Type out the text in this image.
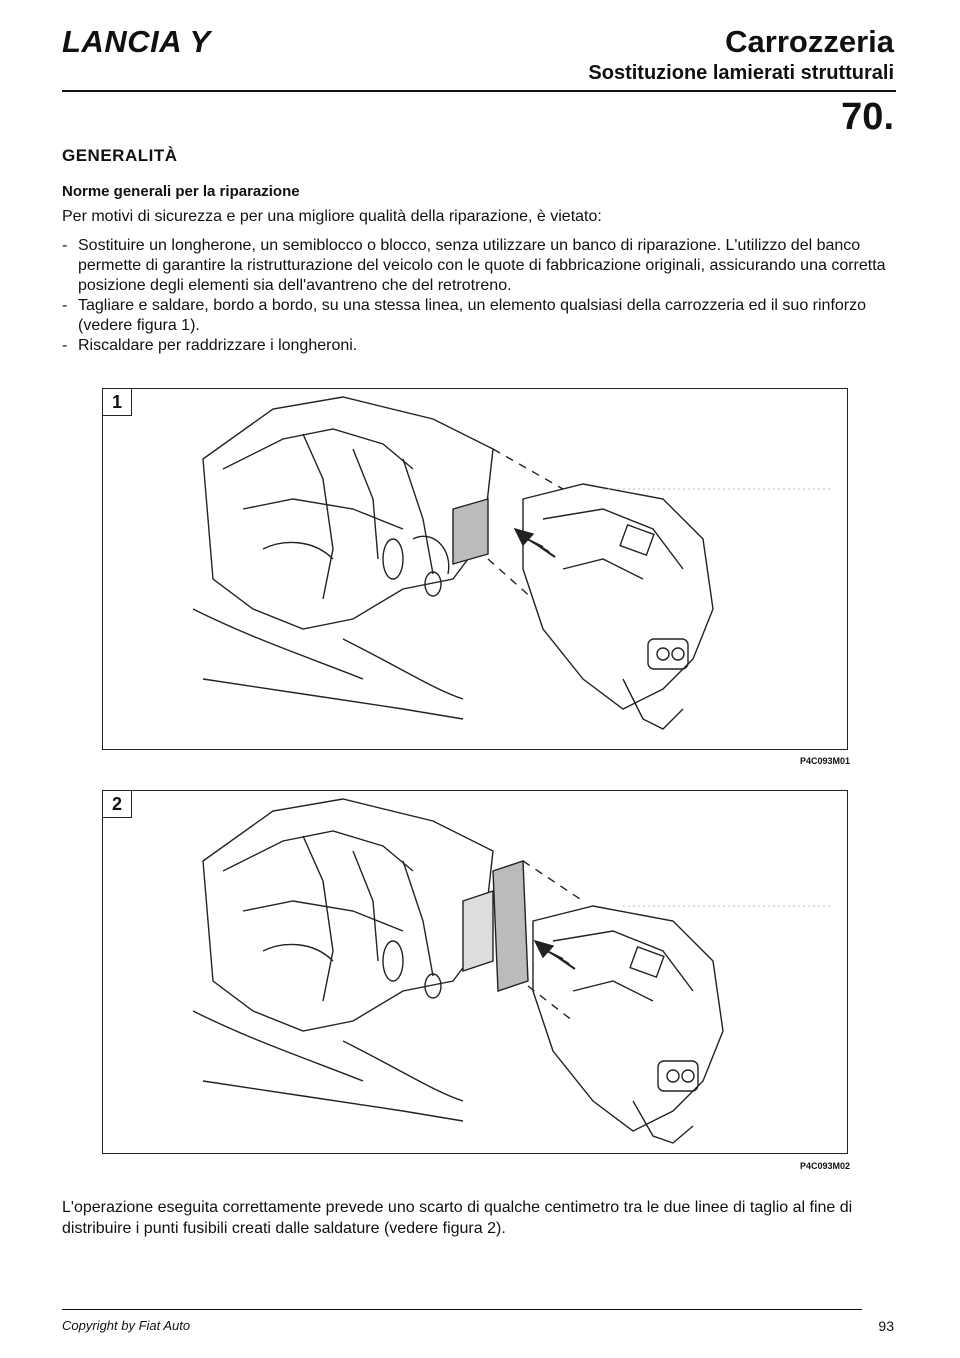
LANCIA Y	Carrozzeria
Sostituzione lamierati strutturali
70.
GENERALITÀ
Norme generali per la riparazione
Per motivi di sicurezza e per una migliore qualità della riparazione, è vietato:
- Sostituire un longherone, un semiblocco o blocco, senza utilizzare un banco di riparazione. L'utilizzo del banco permette di garantire la ristrutturazione del veicolo con le quote di fabbricazione originali, assicurando una corretta posizione degli elementi sia dell'avantreno che del retrotreno.
- Tagliare e saldare, bordo a bordo, su una stessa linea, un elemento qualsiasi della carrozzeria ed il suo rinforzo (vedere figura 1).
- Riscaldare per raddrizzare i longheroni.
1
P4C093M01
2
P4C093M02
L'operazione eseguita correttamente prevede uno scarto di qualche centimetro tra le due linee di taglio al fine di distribuire i punti fusibili creati dalle saldature (vedere figura 2).
Copyright by Fiat Auto	93
